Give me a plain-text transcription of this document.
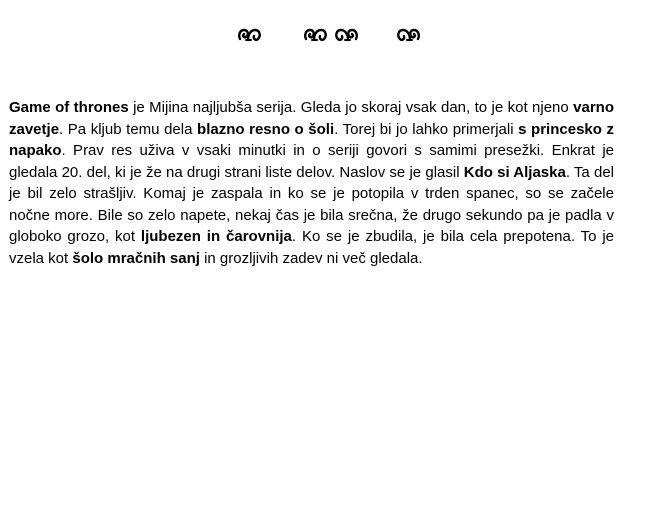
Game of thrones je Mijina najljubša serija. Gleda jo skoraj vsak dan, to je kot njeno varno zavetje. Pa kljub temu dela blazno resno o šoli. Torej bi jo lahko primerjali s princesko z napako. Prav res uživa v vsaki minutki in o seriji govori s samimi presežki. Enkrat je gledala 20. del, ki je že na drugi strani liste delov. Naslov se je glasil Kdo si Aljaska. Ta del je bil zelo strašljiv. Komaj je zaspala in ko se je potopila v trden spanec, so se začele nočne more. Bile so zelo napete, nekaj čas je bila srečna, že drugo sekundo pa je padla v globoko grozo, kot ljubezen in čarovnija. Ko se je zbudila, je bila cela prepotena. To je vzela kot šolo mračnih sanj in grozljivih zadev ni več gledala.
